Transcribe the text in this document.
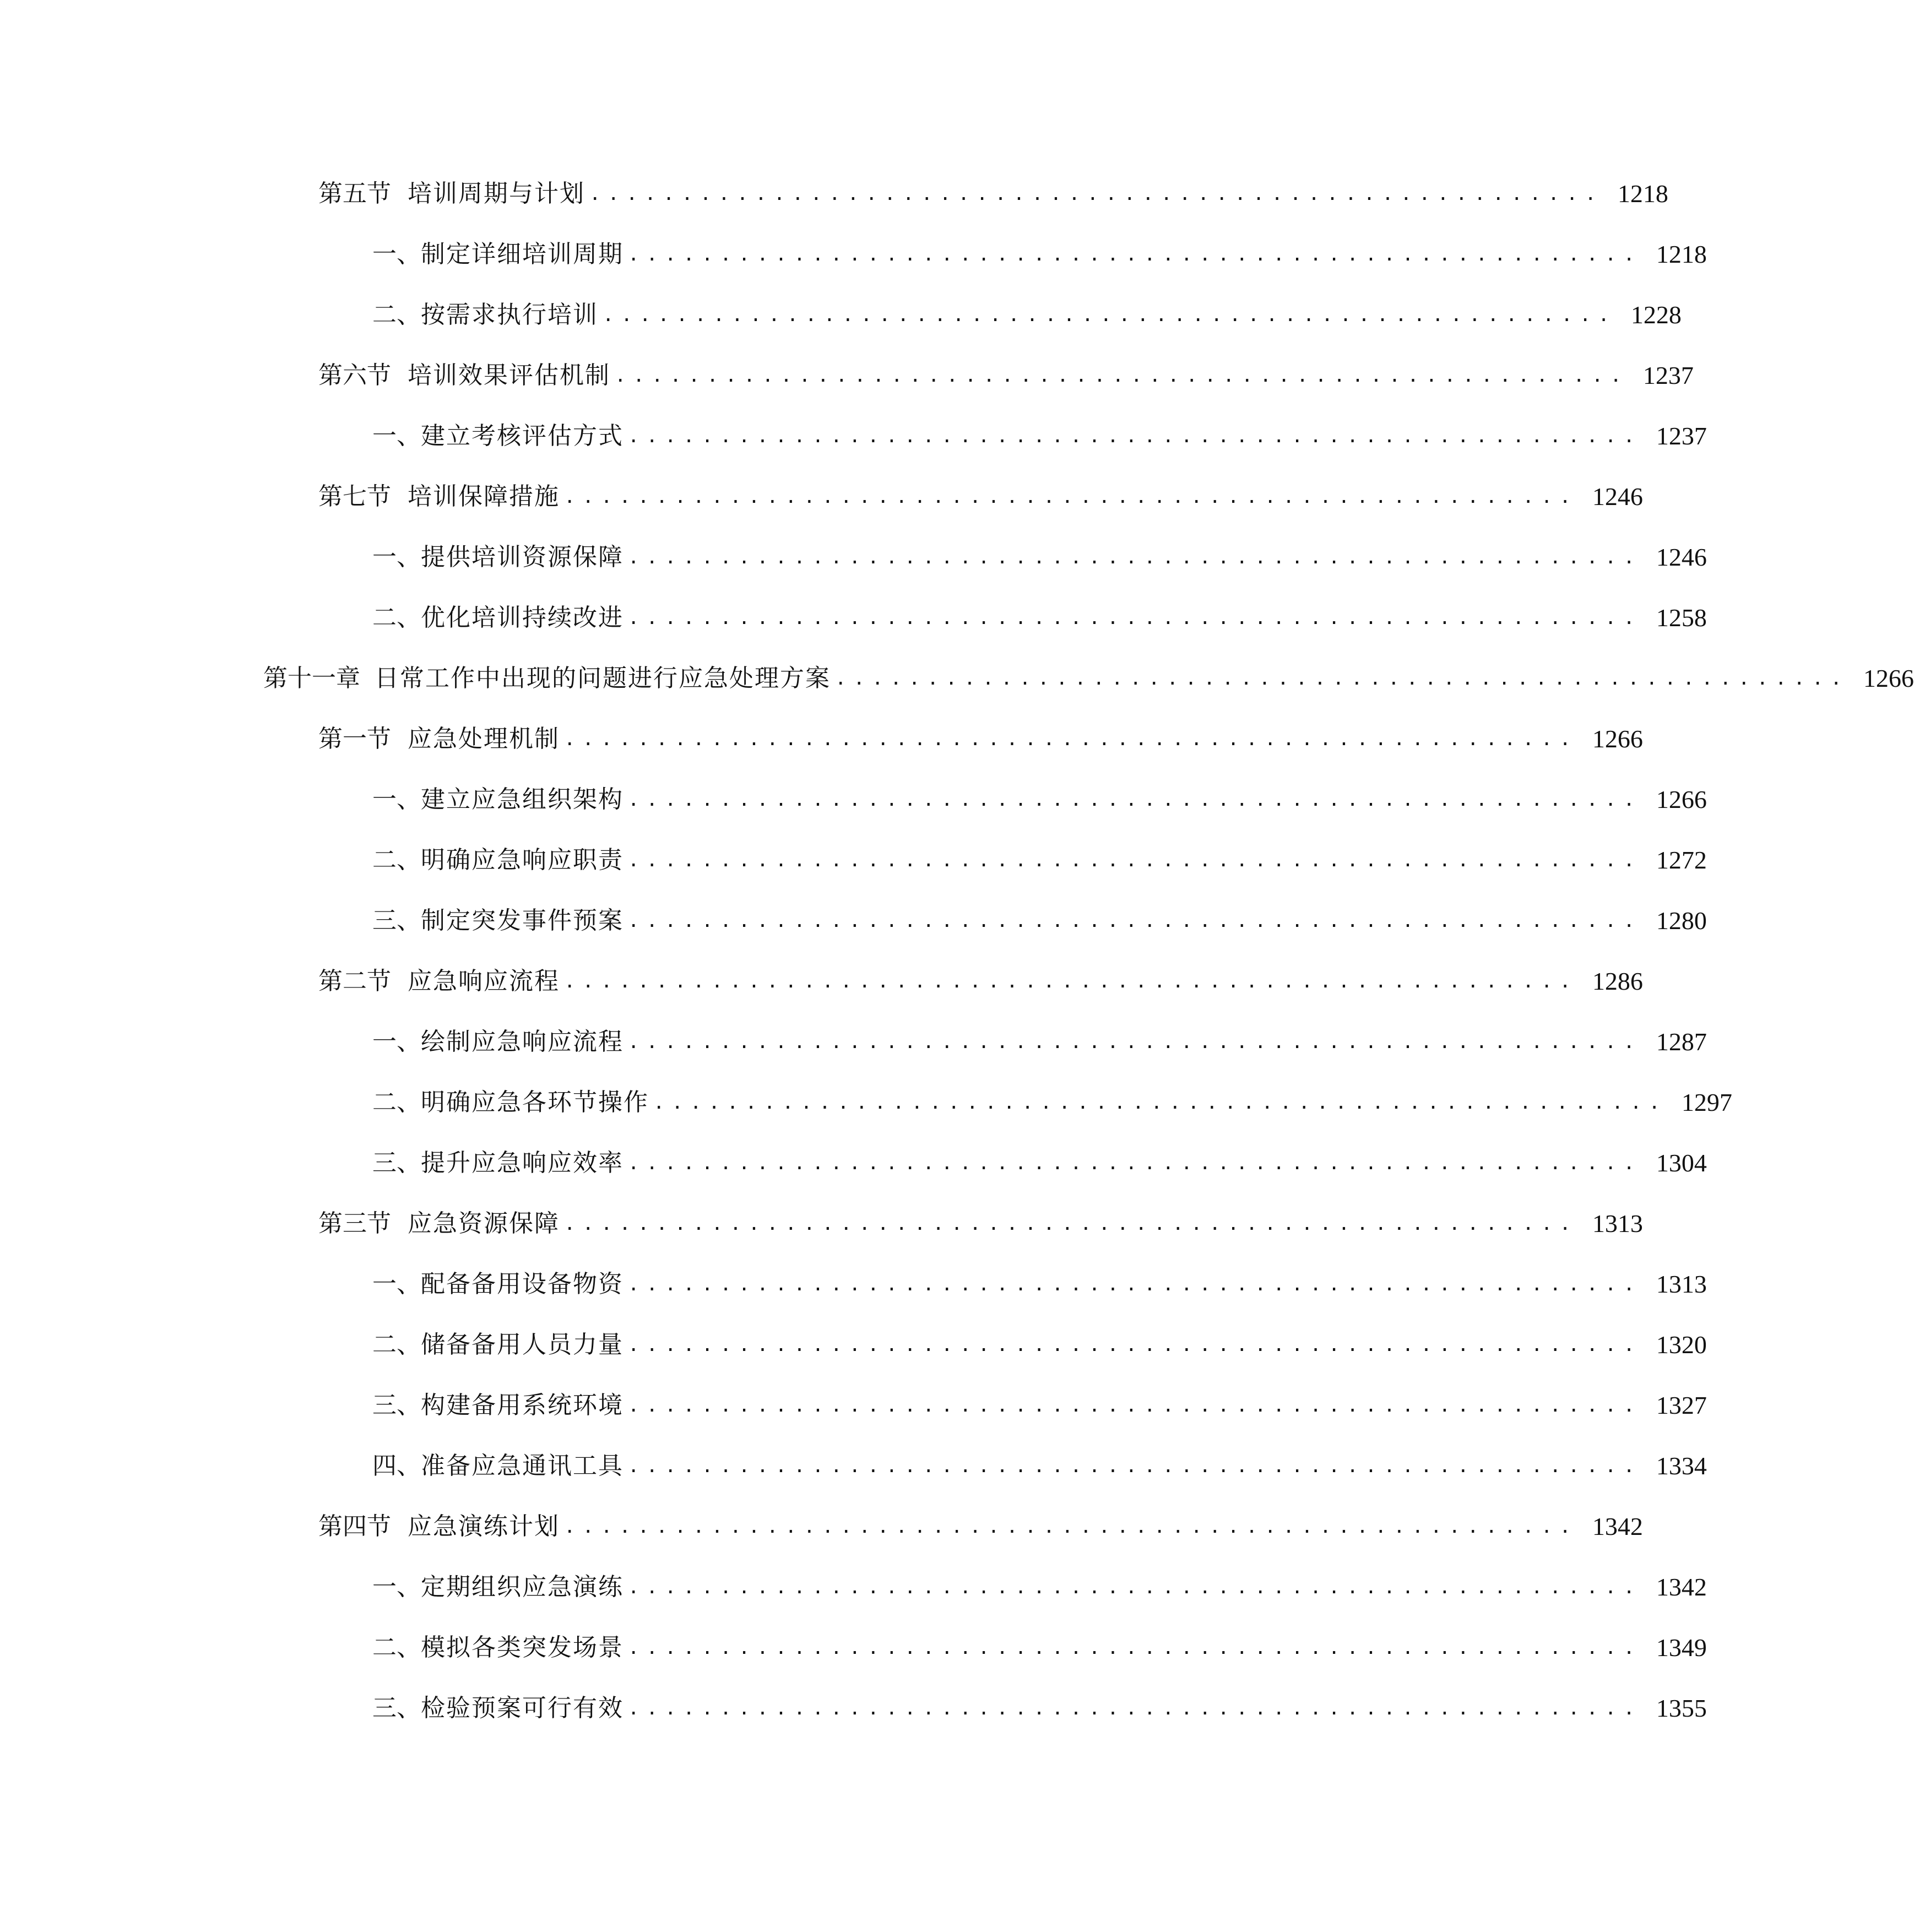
第五节 培训周期与计划 ....................................................... 1218
一、 制定详细培训周期 ....................................................... 1218
二、 按需求执行培训 ....................................................... 1228
第六节 培训效果评估机制 ....................................................... 1237
一、 建立考核评估方式 ....................................................... 1237
第七节 培训保障措施 ....................................................... 1246
一、 提供培训资源保障 ....................................................... 1246
二、 优化培训持续改进 ....................................................... 1258
第十一章 日常工作中出现的问题进行应急处理方案 ....................................................... 1266
第一节 应急处理机制 ....................................................... 1266
一、 建立应急组织架构 ....................................................... 1266
二、 明确应急响应职责 ....................................................... 1272
三、 制定突发事件预案 ....................................................... 1280
第二节 应急响应流程 ....................................................... 1286
一、 绘制应急响应流程 ....................................................... 1287
二、 明确应急各环节操作 ....................................................... 1297
三、 提升应急响应效率 ....................................................... 1304
第三节 应急资源保障 ....................................................... 1313
一、 配备备用设备物资 ....................................................... 1313
二、 储备备用人员力量 ....................................................... 1320
三、 构建备用系统环境 ....................................................... 1327
四、 准备应急通讯工具 ....................................................... 1334
第四节 应急演练计划 ....................................................... 1342
一、 定期组织应急演练 ....................................................... 1342
二、 模拟各类突发场景 ....................................................... 1349
三、 检验预案可行有效 ....................................................... 1355
